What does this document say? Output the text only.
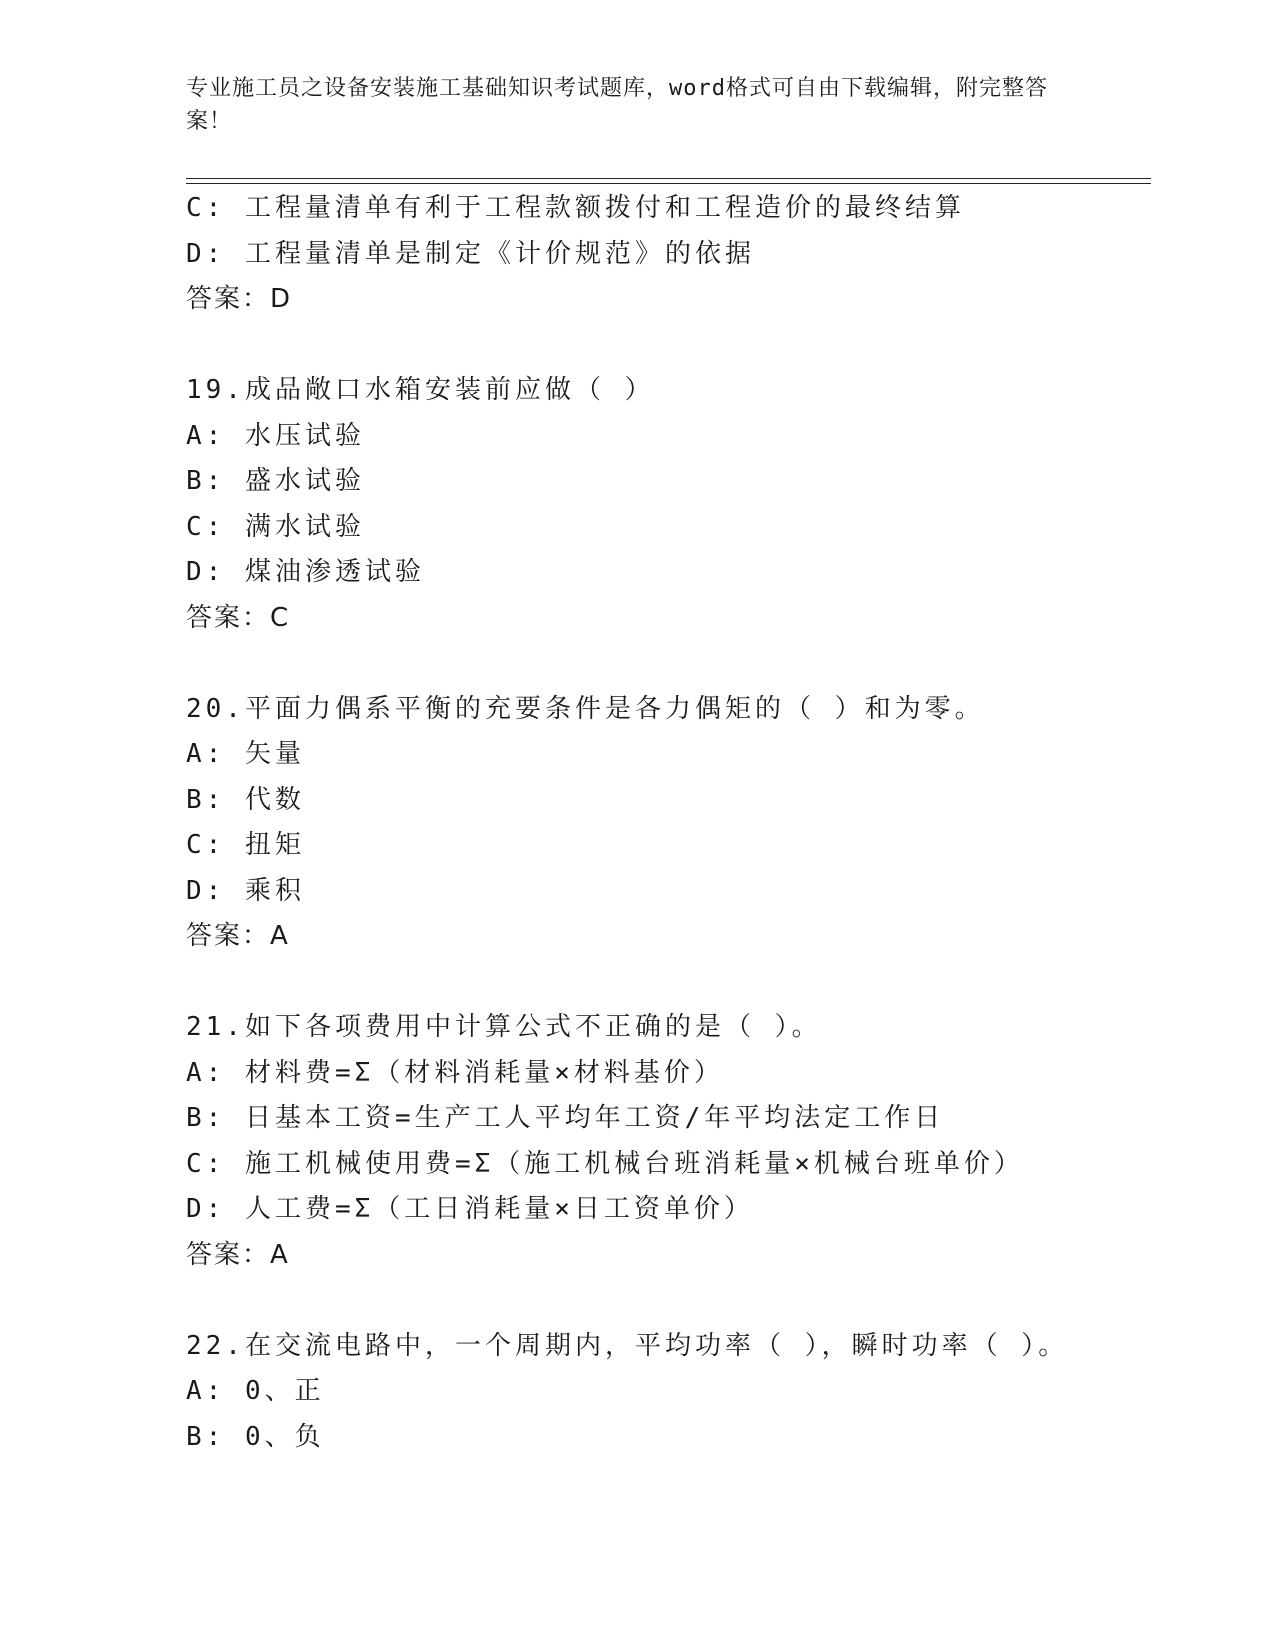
专业施工员之设备安装施工基础知识考试题库，word格式可自由下载编辑，附完整答案！
C: 工程量清单有利于工程款额拨付和工程造价的最终结算
D: 工程量清单是制定《计价规范》的依据
答案：D
19.成品敞口水箱安装前应做（ ）
A: 水压试验
B: 盛水试验
C: 满水试验
D: 煤油渗透试验
答案：C
20.平面力偶系平衡的充要条件是各力偶矩的（ ）和为零。
A: 矢量
B: 代数
C: 扭矩
D: 乘积
答案：A
21.如下各项费用中计算公式不正确的是（ ）。
A: 材料费=Σ（材料消耗量×材料基价）
B: 日基本工资=生产工人平均年工资/年平均法定工作日
C: 施工机械使用费=Σ（施工机械台班消耗量×机械台班单价）
D: 人工费=Σ（工日消耗量×日工资单价）
答案：A
22.在交流电路中，一个周期内，平均功率（ ），瞬时功率（ ）。
A: 0、正
B: 0、负
